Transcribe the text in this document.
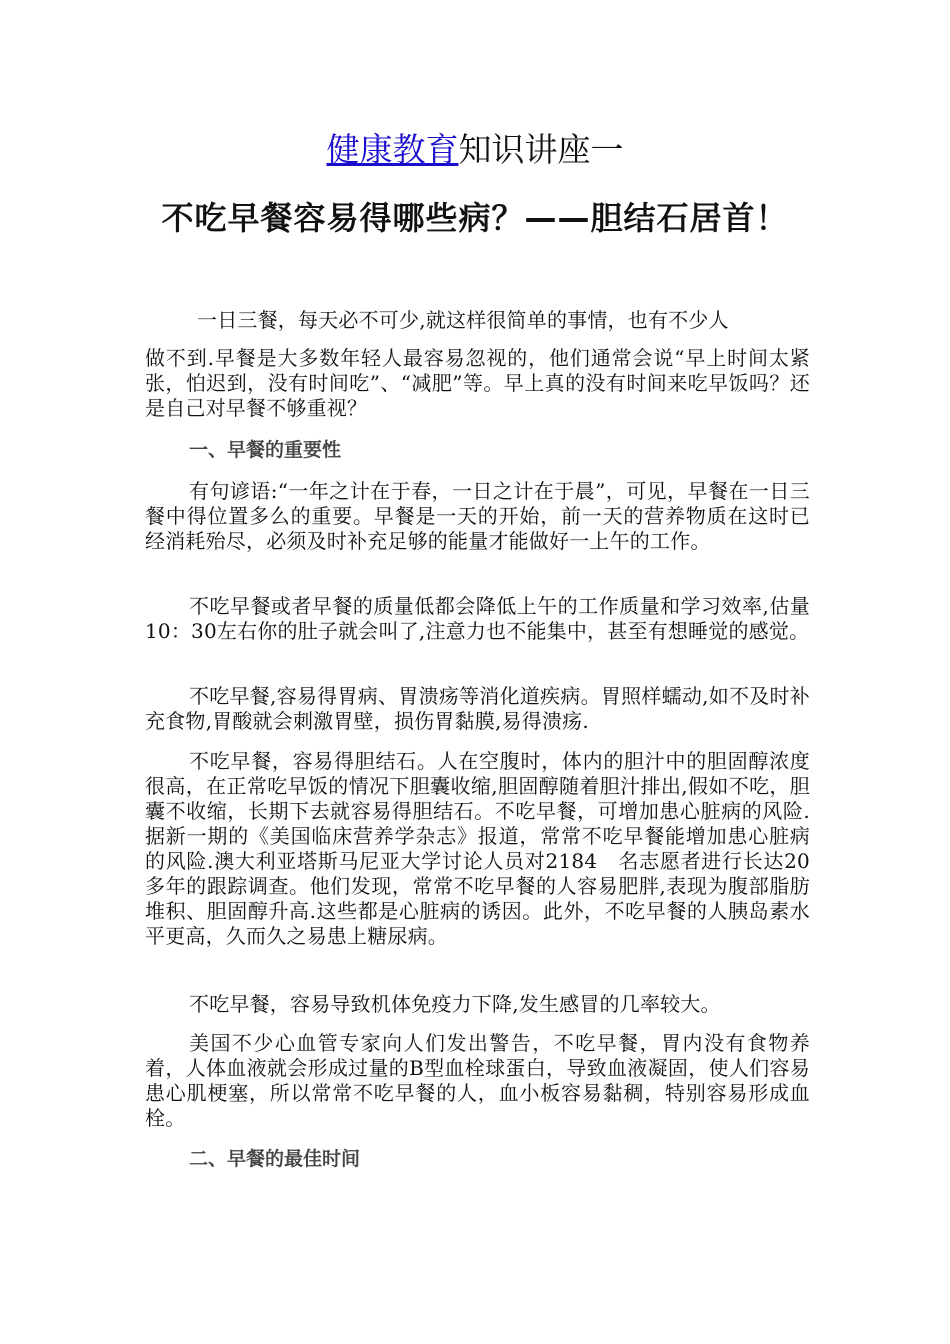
健康教育知识讲座一
不吃早餐容易得哪些病？——胆结石居首！

一日三餐，每天必不可少,就这样很简单的事情，也有不少人

做不到.早餐是大多数年轻人最容易忽视的，他们通常会说“早上时间太紧张，怕迟到，没有时间吃”、“减肥”等。早上真的没有时间来吃早饭吗？还是自己对早餐不够重视？

一、早餐的重要性

有句谚语:“一年之计在于春，一日之计在于晨”，可见，早餐在一日三餐中得位置多么的重要。早餐是一天的开始，前一天的营养物质在这时已经消耗殆尽，必须及时补充足够的能量才能做好一上午的工作。

不吃早餐或者早餐的质量低都会降低上午的工作质量和学习效率,估量10：30左右你的肚子就会叫了,注意力也不能集中，甚至有想睡觉的感觉。

不吃早餐,容易得胃病、胃溃疡等消化道疾病。胃照样蠕动,如不及时补充食物,胃酸就会刺激胃壁，损伤胃黏膜,易得溃疡.

不吃早餐，容易得胆结石。人在空腹时，体内的胆汁中的胆固醇浓度很高，在正常吃早饭的情况下胆囊收缩,胆固醇随着胆汁排出,假如不吃，胆囊不收缩，长期下去就容易得胆结石。不吃早餐，可增加患心脏病的风险.据新一期的《美国临床营养学杂志》报道，常常不吃早餐能增加患心脏病的风险.澳大利亚塔斯马尼亚大学讨论人员对2184　名志愿者进行长达20多年的跟踪调查。他们发现，常常不吃早餐的人容易肥胖,表现为腹部脂肪堆积、胆固醇升高.这些都是心脏病的诱因。此外，不吃早餐的人胰岛素水平更高，久而久之易患上糖尿病。

不吃早餐，容易导致机体免疫力下降,发生感冒的几率较大。

美国不少心血管专家向人们发出警告，不吃早餐，胃内没有食物养着，人体血液就会形成过量的B型血栓球蛋白，导致血液凝固，使人们容易患心肌梗塞，所以常常不吃早餐的人，血小板容易黏稠，特别容易形成血栓。

二、早餐的最佳时间
